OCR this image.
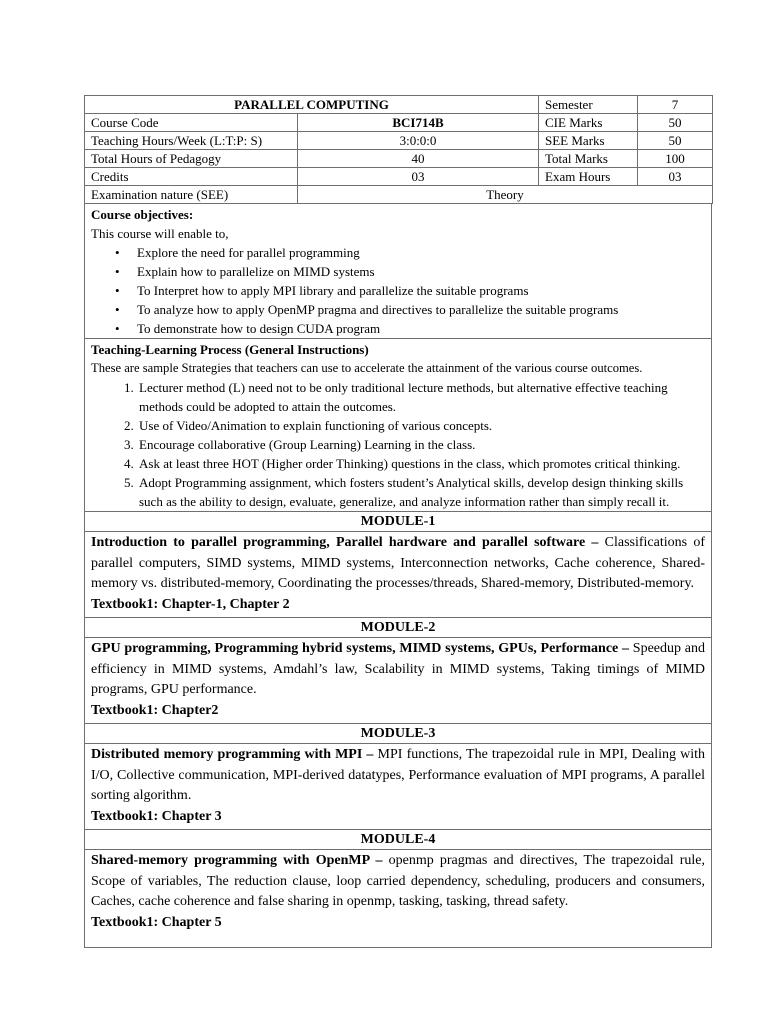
PARALLEL COMPUTING		Semester	7
Course Code	BCI714B	CIE Marks	50
Teaching Hours/Week (L:T:P: S)	3:0:0:0	SEE Marks	50
Total Hours of Pedagogy	40	Total Marks	100
Credits	03	Exam Hours	03
Examination nature (SEE)	Theory		
Course objectives:
This course will enable to,
• Explore the need for parallel programming
• Explain how to parallelize on MIMD systems
• To Interpret how to apply MPI library and parallelize the suitable programs
• To analyze how to apply OpenMP pragma and directives to parallelize the suitable programs
• To demonstrate how to design CUDA program
Teaching-Learning Process (General Instructions)
These are sample Strategies that teachers can use to accelerate the attainment of the various course outcomes.
1. Lecturer method (L) need not to be only traditional lecture methods, but alternative effective teaching methods could be adopted to attain the outcomes.
2. Use of Video/Animation to explain functioning of various concepts.
3. Encourage collaborative (Group Learning) Learning in the class.
4. Ask at least three HOT (Higher order Thinking) questions in the class, which promotes critical thinking.
5. Adopt Programming assignment, which fosters student’s Analytical skills, develop design thinking skills such as the ability to design, evaluate, generalize, and analyze information rather than simply recall it.
MODULE-1
Introduction to parallel programming, Parallel hardware and parallel software – Classifications of parallel computers, SIMD systems, MIMD systems, Interconnection networks, Cache coherence, Shared-memory vs. distributed-memory, Coordinating the processes/threads, Shared-memory, Distributed-memory.
Textbook1: Chapter-1, Chapter 2
MODULE-2
GPU programming, Programming hybrid systems, MIMD systems, GPUs, Performance – Speedup and efficiency in MIMD systems, Amdahl’s law, Scalability in MIMD systems, Taking timings of MIMD programs, GPU performance.
Textbook1: Chapter2
MODULE-3
Distributed memory programming with MPI – MPI functions, The trapezoidal rule in MPI, Dealing with I/O, Collective communication, MPI-derived datatypes, Performance evaluation of MPI programs, A parallel sorting algorithm.
Textbook1: Chapter 3
MODULE-4
Shared-memory programming with OpenMP – openmp pragmas and directives, The trapezoidal rule, Scope of variables, The reduction clause, loop carried dependency, scheduling, producers and consumers, Caches, cache coherence and false sharing in openmp, tasking, tasking, thread safety.
Textbook1: Chapter 5
